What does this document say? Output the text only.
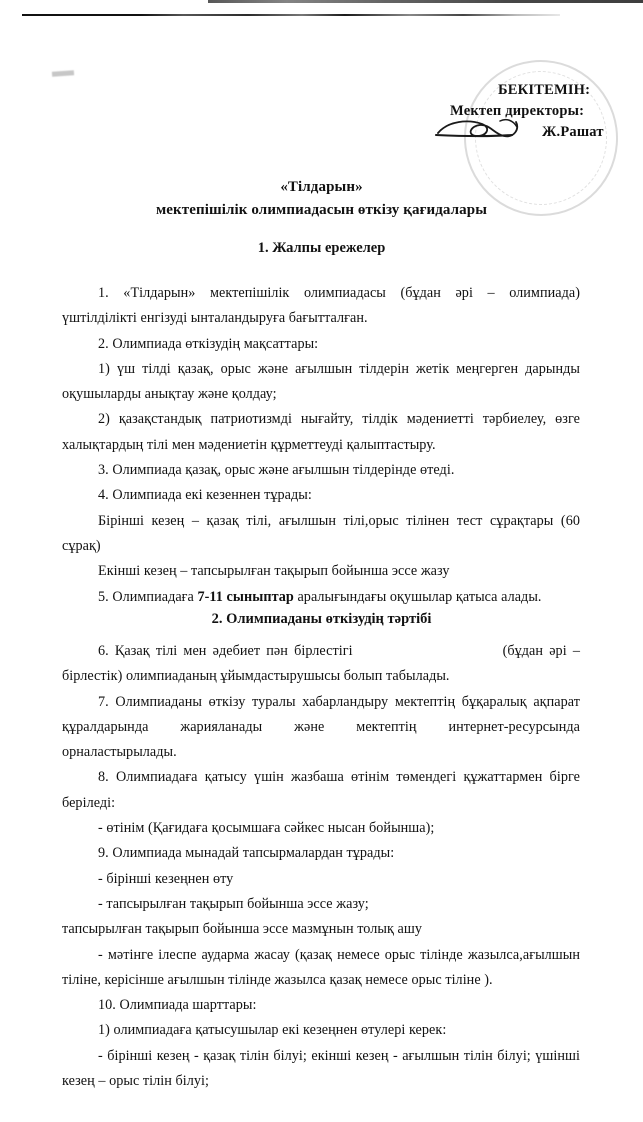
БЕКІТЕМІН:
Мектеп директоры:
Ж.Рашат
«Тілдарын»
мектепішілік олимпиадасын өткізу қағидалары
1. Жалпы ережелер

1. «Тілдарын» мектепішілік олимпиадасы (бұдан әрі – олимпиада) үштілділікті енгізуді ынталандыруға бағытталған.

2. Олимпиада өткізудің мақсаттары:

1) үш тілді қазақ, орыс және ағылшын тілдерін жетік меңгерген дарынды оқушыларды анықтау және қолдау;

2) қазақстандық патриотизмді нығайту, тілдік мәдениетті тәрбиелеу, өзге халықтардың тілі мен мәдениетін құрметтеуді қалыптастыру.

3. Олимпиада қазақ, орыс және ағылшын тілдерінде өтеді.

4. Олимпиада екі кезеннен тұрады:

Бірінші кезең – қазақ тілі, ағылшын тілі,орыс тілінен тест сұрақтары (60 сұрақ)

Екінші кезең – тапсырылған тақырып бойынша эссе жазу

5. Олимпиадаға 7-11 сыныптар аралығындағы оқушылар қатыса алады.

2. Олимпиаданы өткізудің тәртібі

6. Қазақ тілі мен әдебиет пән бірлестігі	(бұдан әрі – бірлестік) олимпиаданың ұйымдастырушысы болып табылады.

7. Олимпиаданы өткізу туралы хабарландыру мектептің бұқаралық ақпарат құралдарында жарияланады және мектептің интернет-ресурсында орналастырылады.

8. Олимпиадаға қатысу үшін жазбаша өтінім төмендегі құжаттармен бірге беріледі:

- өтінім (Қағидаға қосымшаға сәйкес нысан бойынша);

9. Олимпиада мынадай тапсырмалардан тұрады:

- бірінші кезеңнен өту

- тапсырылған тақырып бойынша эссе жазу;

тапсырылған тақырып бойынша эссе мазмұнын толық ашу

- мәтінге ілеспе аударма жасау (қазақ немесе орыс тілінде жазылса,ағылшын тіліне, керісінше ағылшын тілінде жазылса қазақ немесе орыс тіліне ).

10. Олимпиада шарттары:

1) олимпиадаға қатысушылар екі кезеңнен өтулері керек:

- бірінші кезең - қазақ тілін білуі; екінші кезең - ағылшын тілін білуі; үшінші кезең – орыс тілін білуі;
